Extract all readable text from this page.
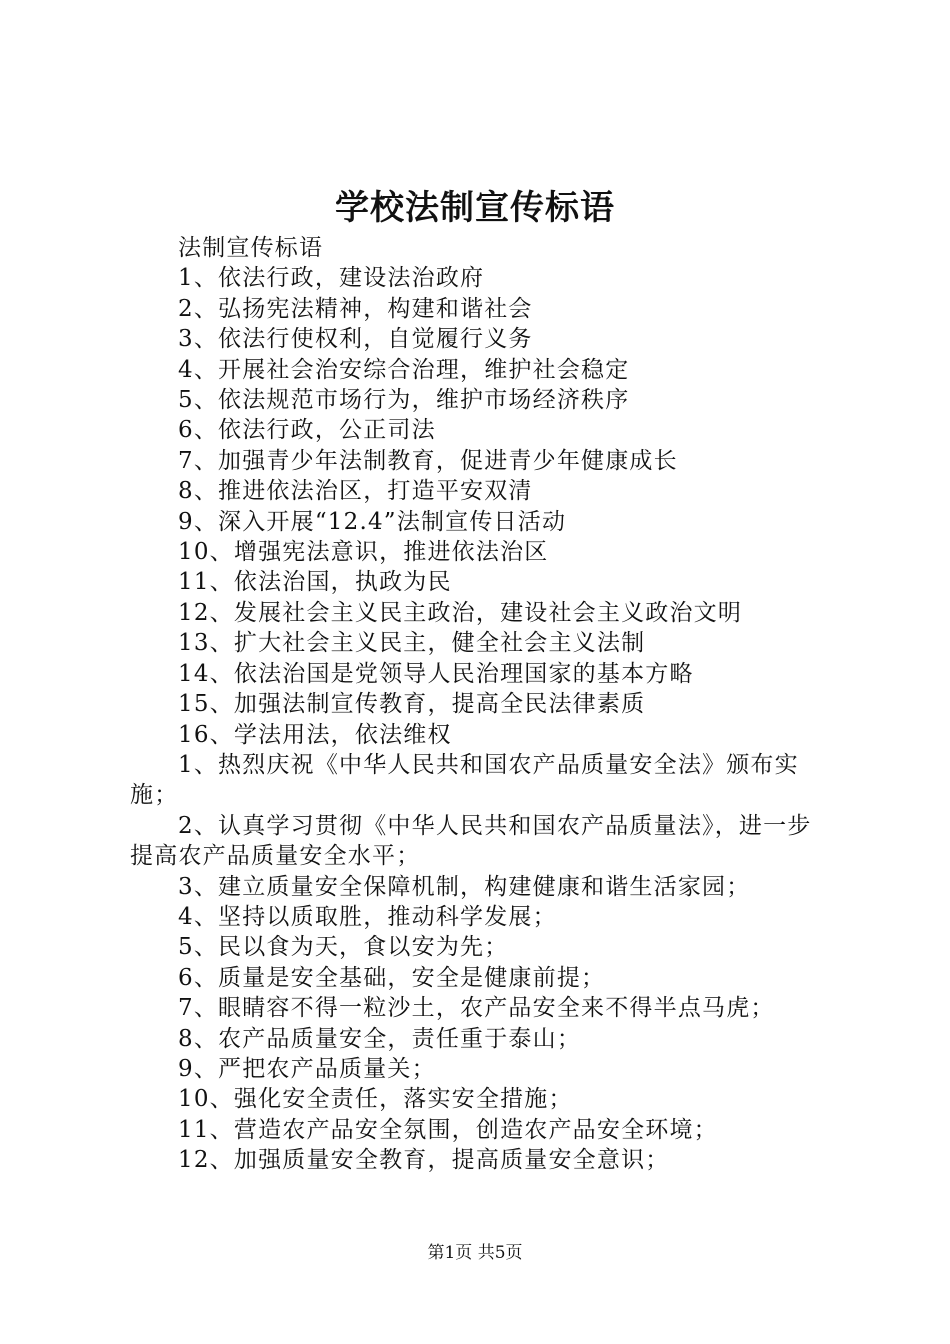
学校法制宣传标语
法制宣传标语
1、依法行政，建设法治政府
2、弘扬宪法精神，构建和谐社会
3、依法行使权利，自觉履行义务
4、开展社会治安综合治理，维护社会稳定
5、依法规范市场行为，维护市场经济秩序
6、依法行政，公正司法
7、加强青少年法制教育，促进青少年健康成长
8、推进依法治区，打造平安双清
9、深入开展“12.4”法制宣传日活动
10、增强宪法意识，推进依法治区
11、依法治国，执政为民
12、发展社会主义民主政治，建设社会主义政治文明
13、扩大社会主义民主，健全社会主义法制
14、依法治国是党领导人民治理国家的基本方略
15、加强法制宣传教育，提高全民法律素质
16、学法用法，依法维权
1、热烈庆祝《中华人民共和国农产品质量安全法》颁布实施；
2、认真学习贯彻《中华人民共和国农产品质量法》，进一步提高农产品质量安全水平；
3、建立质量安全保障机制，构建健康和谐生活家园；
4、坚持以质取胜，推动科学发展；
5、民以食为天，食以安为先；
6、质量是安全基础，安全是健康前提；
7、眼睛容不得一粒沙土，农产品安全来不得半点马虎；
8、农产品质量安全，责任重于泰山；
9、严把农产品质量关；
10、强化安全责任，落实安全措施；
11、营造农产品安全氛围，创造农产品安全环境；
12、加强质量安全教育，提高质量安全意识；
第1页 共5页
